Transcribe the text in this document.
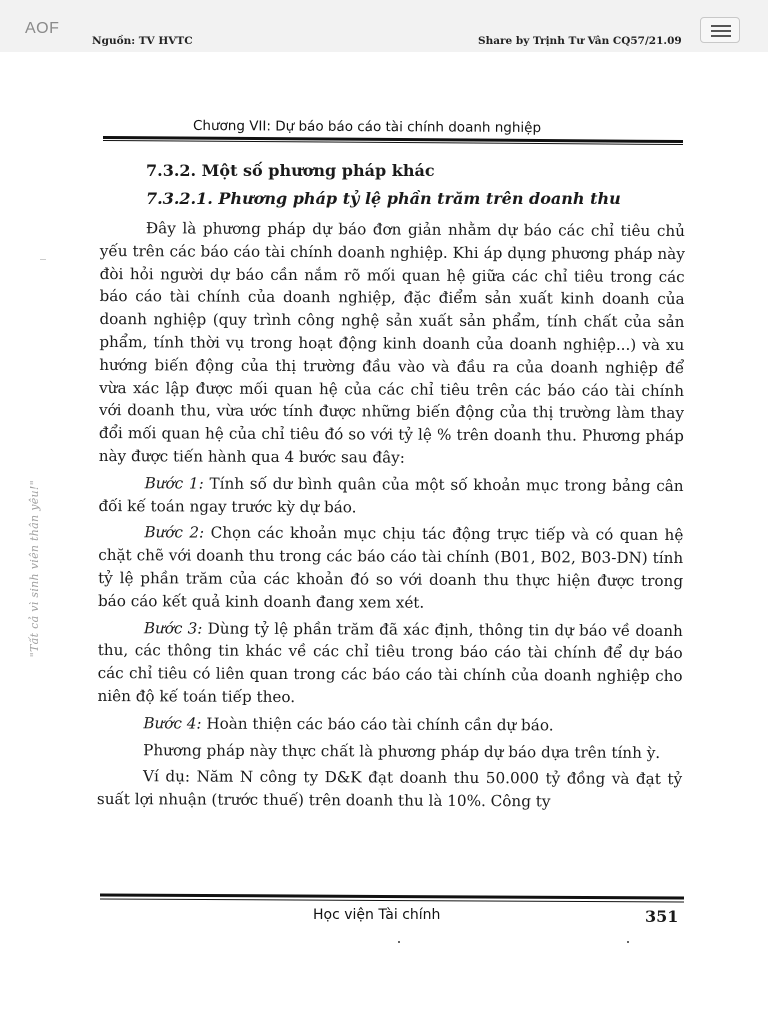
AOF
Nguồn: TV HVTC	Share by Trịnh Tư Vân CQ57/21.09
Chương VII: Dự báo báo cáo tài chính doanh nghiệp
7.3.2. Một số phương pháp khác
7.3.2.1. Phương pháp tỷ lệ phần trăm trên doanh thu
"Tất cả vì sinh viên thân yêu!"

Đây là phương pháp dự báo đơn giản nhằm dự báo các chỉ tiêu chủ yếu trên các báo cáo tài chính doanh nghiệp. Khi áp dụng phương pháp này đòi hỏi người dự báo cần nắm rõ mối quan hệ giữa các chỉ tiêu trong các báo cáo tài chính của doanh nghiệp, đặc điểm sản xuất kinh doanh của doanh nghiệp (quy trình công nghệ sản xuất sản phẩm, tính chất của sản phẩm, tính thời vụ trong hoạt động kinh doanh của doanh nghiệp...) và xu hướng biến động của thị trường đầu vào và đầu ra của doanh nghiệp để vừa xác lập được mối quan hệ của các chỉ tiêu trên các báo cáo tài chính với doanh thu, vừa ước tính được những biến động của thị trường làm thay đổi mối quan hệ của chỉ tiêu đó so với tỷ lệ % trên doanh thu. Phương pháp này được tiến hành qua 4 bước sau đây:

Bước 1: Tính số dư bình quân của một số khoản mục trong bảng cân đối kế toán ngay trước kỳ dự báo.

Bước 2: Chọn các khoản mục chịu tác động trực tiếp và có quan hệ chặt chẽ với doanh thu trong các báo cáo tài chính (B01, B02, B03-DN) tính tỷ lệ phần trăm của các khoản đó so với doanh thu thực hiện được trong báo cáo kết quả kinh doanh đang xem xét.

Bước 3: Dùng tỷ lệ phần trăm đã xác định, thông tin dự báo về doanh thu, các thông tin khác về các chỉ tiêu trong báo cáo tài chính để dự báo các chỉ tiêu có liên quan trong các báo cáo tài chính của doanh nghiệp cho niên độ kế toán tiếp theo.

Bước 4: Hoàn thiện các báo cáo tài chính cần dự báo.

Phương pháp này thực chất là phương pháp dự báo dựa trên tính ỳ.

Ví dụ: Năm N công ty D&K đạt doanh thu 50.000 tỷ đồng và đạt tỷ suất lợi nhuận (trước thuế) trên doanh thu là 10%. Công ty

Học viện Tài chính	351
